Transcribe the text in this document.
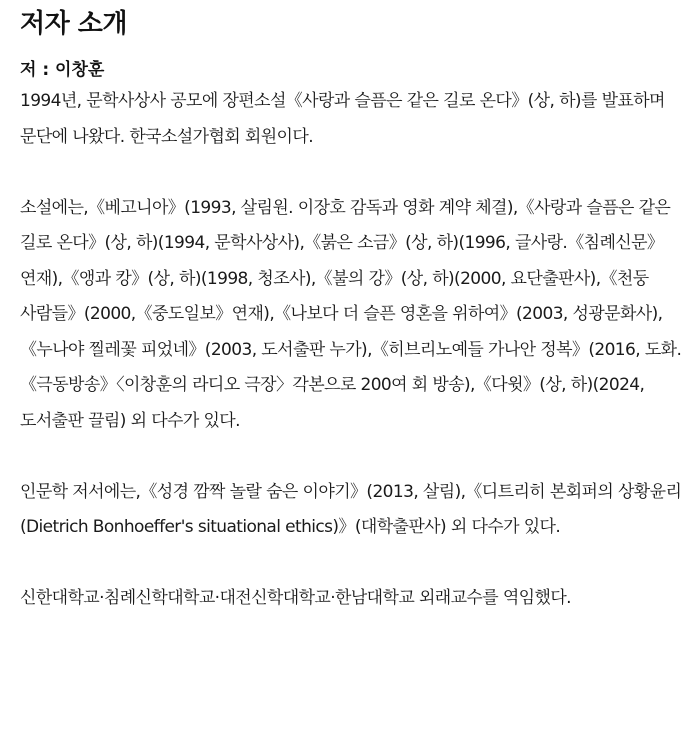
저자 소개
저 : 이창훈

1994년, 문학사상사 공모에 장편소설《사랑과 슬픔은 같은 길로 온다》(상, 하)를 발표하며 문단에 나왔다. 한국소설가협회 회원이다.

소설에는,《베고니아》(1993, 살림원. 이장호 감독과 영화 계약 체결),《사랑과 슬픔은 같은 길로 온다》(상, 하)(1994, 문학사상사),《붉은 소금》(상, 하)(1996, 글사랑.《침례신문》연재),《앵과 캉》(상, 하)(1998, 청조사),《불의 강》(상, 하)(2000, 요단출판사),《천둥 사람들》(2000,《중도일보》연재),《나보다 더 슬픈 영혼을 위하여》(2003, 성광문화사),《누나야 찔레꽃 피었네》(2003, 도서출판 누가),《히브리노예들 가나안 정복》(2016, 도화.《극동방송》〈이창훈의 라디오 극장〉각본으로 200여 회 방송),《다윗》(상, 하)(2024, 도서출판 끌림) 외 다수가 있다.

인문학 저서에는,《성경 깜짝 놀랄 숨은 이야기》(2013, 살림),《디트리히 본회퍼의 상황윤리(Dietrich Bonhoeffer's situational ethics)》(대학출판사) 외 다수가 있다.

신한대학교·침례신학대학교·대전신학대학교·한남대학교 외래교수를 역임했다.
